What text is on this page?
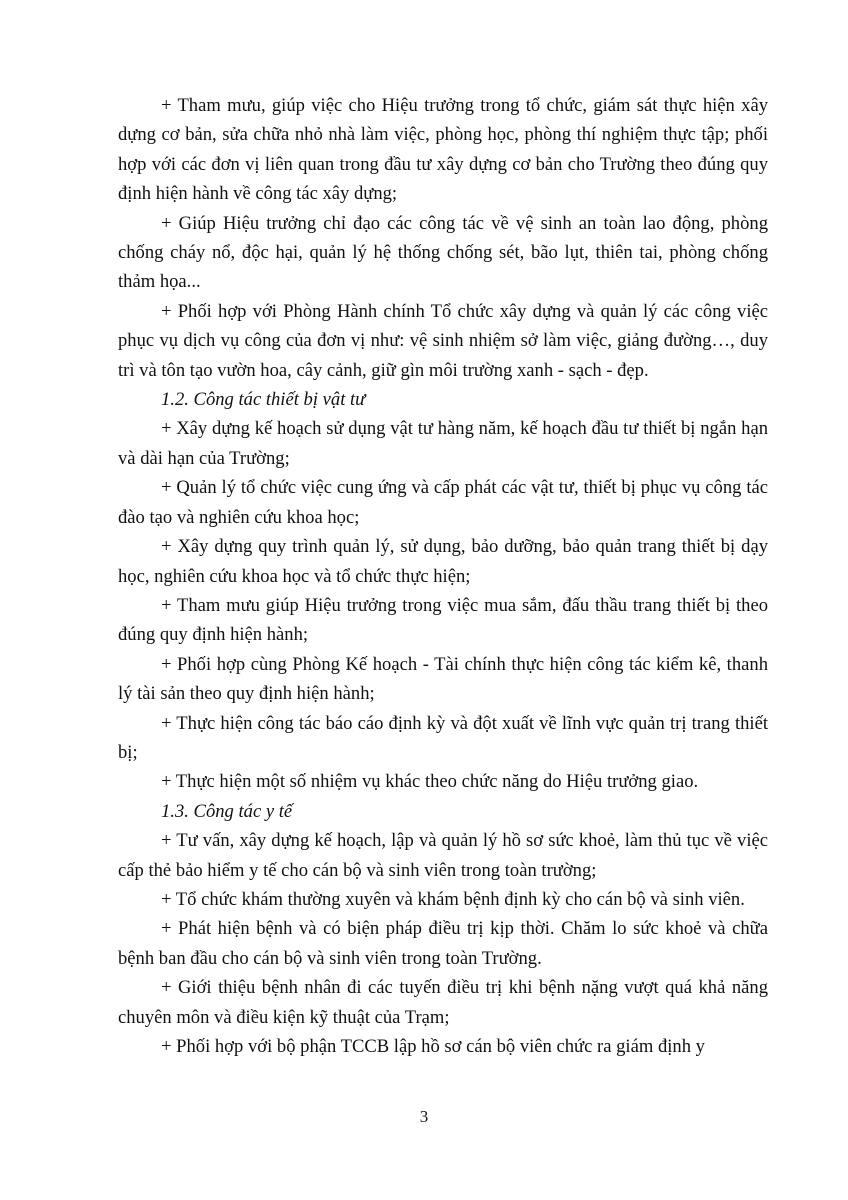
+ Tham mưu, giúp việc cho Hiệu trưởng trong tổ chức, giám sát thực hiện xây dựng cơ bản, sửa chữa nhỏ nhà làm việc, phòng học, phòng thí nghiệm thực tập; phối hợp với các đơn vị liên quan trong đầu tư xây dựng cơ bản cho Trường theo đúng quy định hiện hành về công tác xây dựng;

+ Giúp Hiệu trưởng chỉ đạo các công tác về vệ sinh an toàn lao động, phòng chống cháy nổ, độc hại, quản lý hệ thống chống sét, bão lụt, thiên tai, phòng chống thảm họa...

+ Phối hợp với Phòng Hành chính Tổ chức xây dựng và quản lý các công việc phục vụ dịch vụ công của đơn vị như: vệ sinh nhiệm sở làm việc, giảng đường…, duy trì và tôn tạo vườn hoa, cây cảnh, giữ gìn môi trường xanh - sạch - đẹp.

1.2. Công tác thiết bị vật tư

+ Xây dựng kế hoạch sử dụng vật tư hàng năm, kế hoạch đầu tư thiết bị ngắn hạn và dài hạn của Trường;

+ Quản lý tổ chức việc cung ứng và cấp phát các vật tư, thiết bị phục vụ công tác đào tạo và nghiên cứu khoa học;

+ Xây dựng quy trình quản lý, sử dụng, bảo dưỡng, bảo quản trang thiết bị dạy học, nghiên cứu khoa học và tổ chức thực hiện;

+ Tham mưu giúp Hiệu trưởng trong việc mua sắm, đấu thầu trang thiết bị theo đúng quy định hiện hành;

+ Phối hợp cùng Phòng Kế hoạch - Tài chính thực hiện công tác kiểm kê, thanh lý tài sản theo quy định hiện hành;

+ Thực hiện công tác báo cáo định kỳ và đột xuất về lĩnh vực quản trị trang thiết bị;

+ Thực hiện một số nhiệm vụ khác theo chức năng do Hiệu trưởng giao.

1.3. Công tác y tế

+ Tư vấn, xây dựng kế hoạch, lập và quản lý hồ sơ sức khoẻ, làm thủ tục về việc cấp thẻ bảo hiểm y tế cho cán bộ và sinh viên trong toàn trường;

+ Tổ chức khám thường xuyên và khám bệnh định kỳ cho cán bộ và sinh viên.

+ Phát hiện bệnh và có biện pháp điều trị kịp thời. Chăm lo sức khoẻ và chữa bệnh ban đầu cho cán bộ và sinh viên trong toàn Trường.

+ Giới thiệu bệnh nhân đi các tuyến điều trị khi bệnh nặng vượt quá khả năng chuyên môn và điều kiện kỹ thuật của Trạm;

+ Phối hợp với bộ phận TCCB lập hồ sơ cán bộ viên chức ra giám định y

3
